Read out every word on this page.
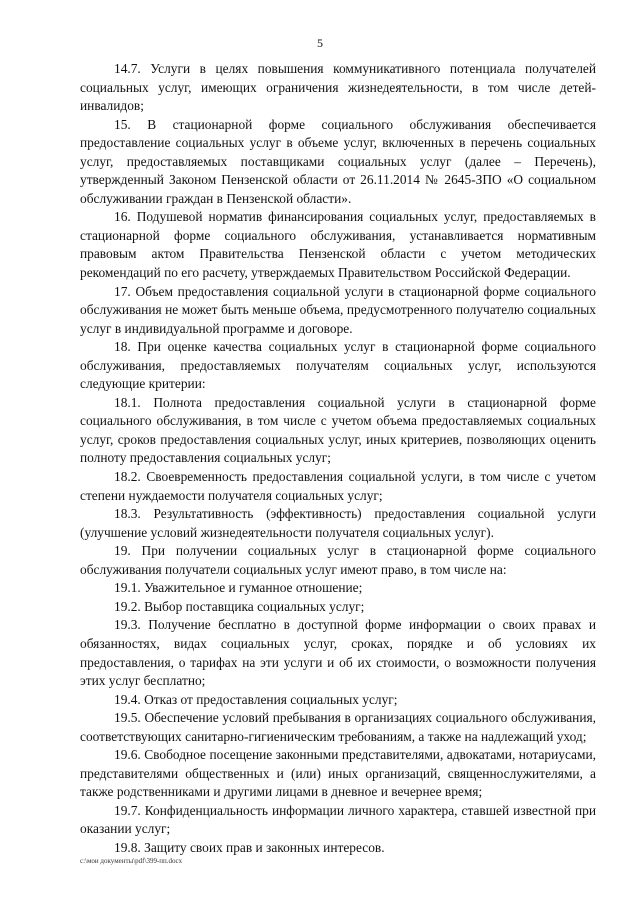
5

14.7. Услуги в целях повышения коммуникативного потенциала получателей социальных услуг, имеющих ограничения жизнедеятельности, в том числе детей-инвалидов;

15. В стационарной форме социального обслуживания обеспечивается предоставление социальных услуг в объеме услуг, включенных в перечень социальных услуг, предоставляемых поставщиками социальных услуг (далее – Перечень), утвержденный Законом Пензенской области от 26.11.2014 № 2645-ЗПО «О социальном обслуживании граждан в Пензенской области».

16. Подушевой норматив финансирования социальных услуг, предоставляемых в стационарной форме социального обслуживания, устанавливается нормативным правовым актом Правительства Пензенской области с учетом методических рекомендаций по его расчету, утверждаемых Правительством Российской Федерации.

17. Объем предоставления социальной услуги в стационарной форме социального обслуживания не может быть меньше объема, предусмотренного получателю социальных услуг в индивидуальной программе и договоре.

18. При оценке качества социальных услуг в стационарной форме социального обслуживания, предоставляемых получателям социальных услуг, используются следующие критерии:

18.1. Полнота предоставления социальной услуги в стационарной форме социального обслуживания, в том числе с учетом объема предоставляемых социальных услуг, сроков предоставления социальных услуг, иных критериев, позволяющих оценить полноту предоставления социальных услуг;

18.2. Своевременность предоставления социальной услуги, в том числе с учетом степени нуждаемости получателя социальных услуг;

18.3. Результативность (эффективность) предоставления социальной услуги (улучшение условий жизнедеятельности получателя социальных услуг).

19. При получении социальных услуг в стационарной форме социального обслуживания получатели социальных услуг имеют право, в том числе на:

19.1. Уважительное и гуманное отношение;

19.2. Выбор поставщика социальных услуг;

19.3. Получение бесплатно в доступной форме информации о своих правах и обязанностях, видах социальных услуг, сроках, порядке и об условиях их предоставления, о тарифах на эти услуги и об их стоимости, о возможности получения этих услуг бесплатно;

19.4. Отказ от предоставления социальных услуг;

19.5. Обеспечение условий пребывания в организациях социального обслуживания, соответствующих санитарно-гигиеническим требованиям, а также на надлежащий уход;

19.6. Свободное посещение законными представителями, адвокатами, нотариусами, представителями общественных и (или) иных организаций, священнослужителями, а также родственниками и другими лицами в дневное и вечернее время;

19.7. Конфиденциальность информации личного характера, ставшей известной при оказании услуг;

19.8. Защиту своих прав и законных интересов.

c:\мои документы\pdf\399-пп.docx
